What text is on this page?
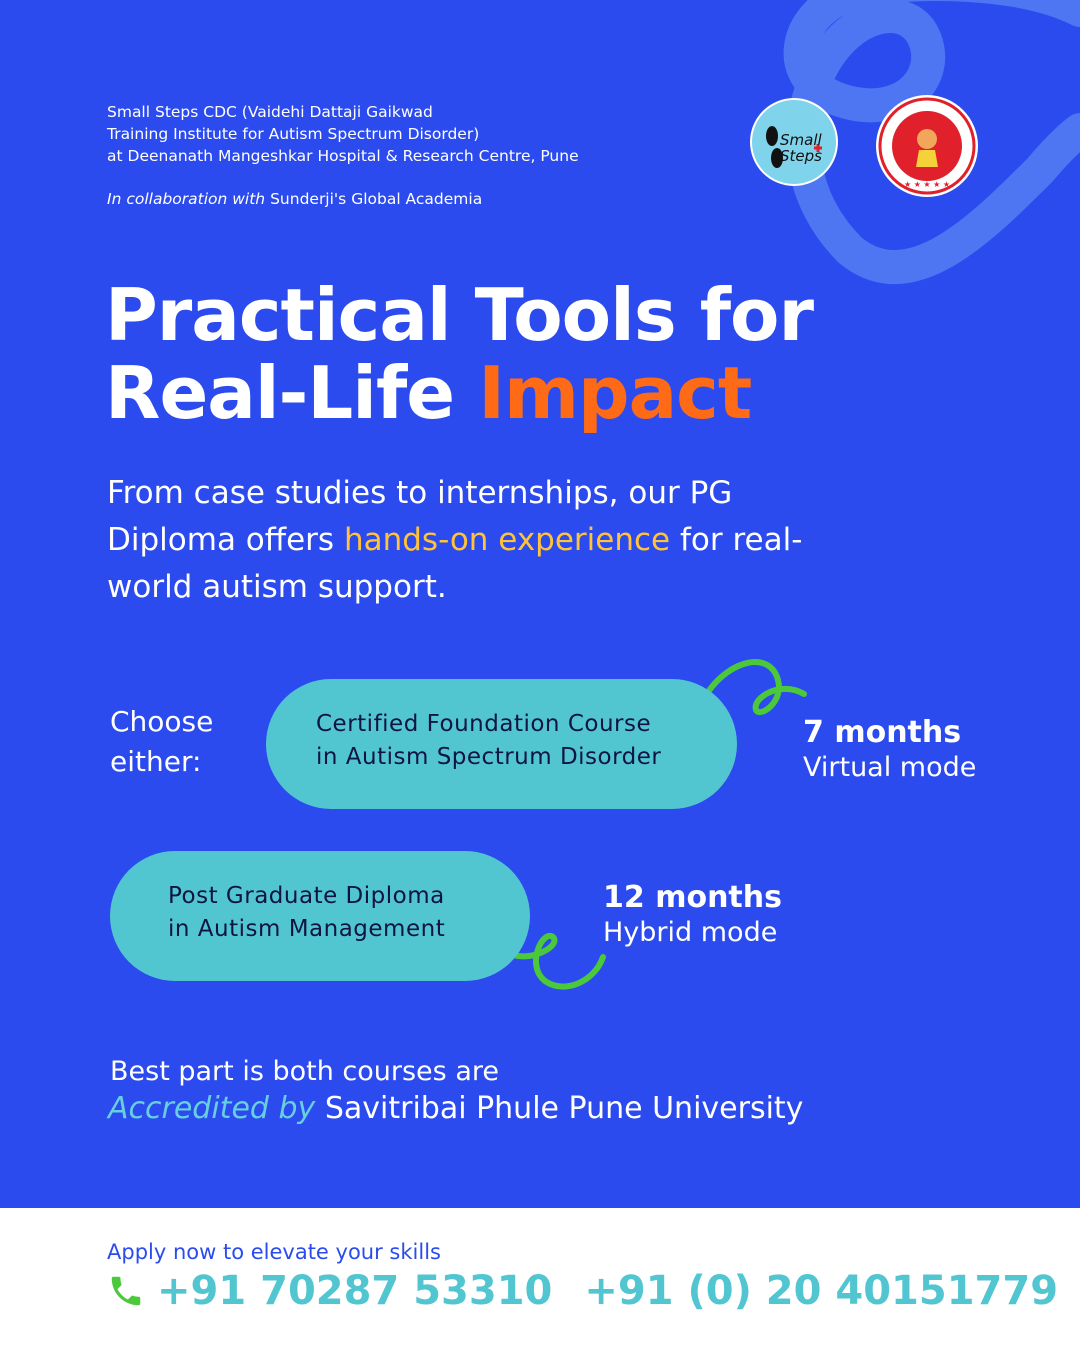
Small Steps CDC (Vaidehi Dattaji Gaikwad
Training Institute for Autism Spectrum Disorder)
at Deenanath Mangeshkar Hospital & Research Centre, Pune
In collaboration with Sunderji's Global Academia
Small
Steps
★ ★ ★ ★ ★
Practical Tools for
Real-Life Impact
From case studies to internships, our PG Diploma offers hands-on experience for real-world autism support.
Choose
either:
Certified Foundation Course
in Autism Spectrum Disorder
7 months
Virtual mode
Post Graduate Diploma
in Autism Management
12 months
Hybrid mode
Best part is both courses are
Accredited by Savitribai Phule Pune University
Apply now to elevate your skills
+91 70287 53310 +91 (0) 20 40151779
